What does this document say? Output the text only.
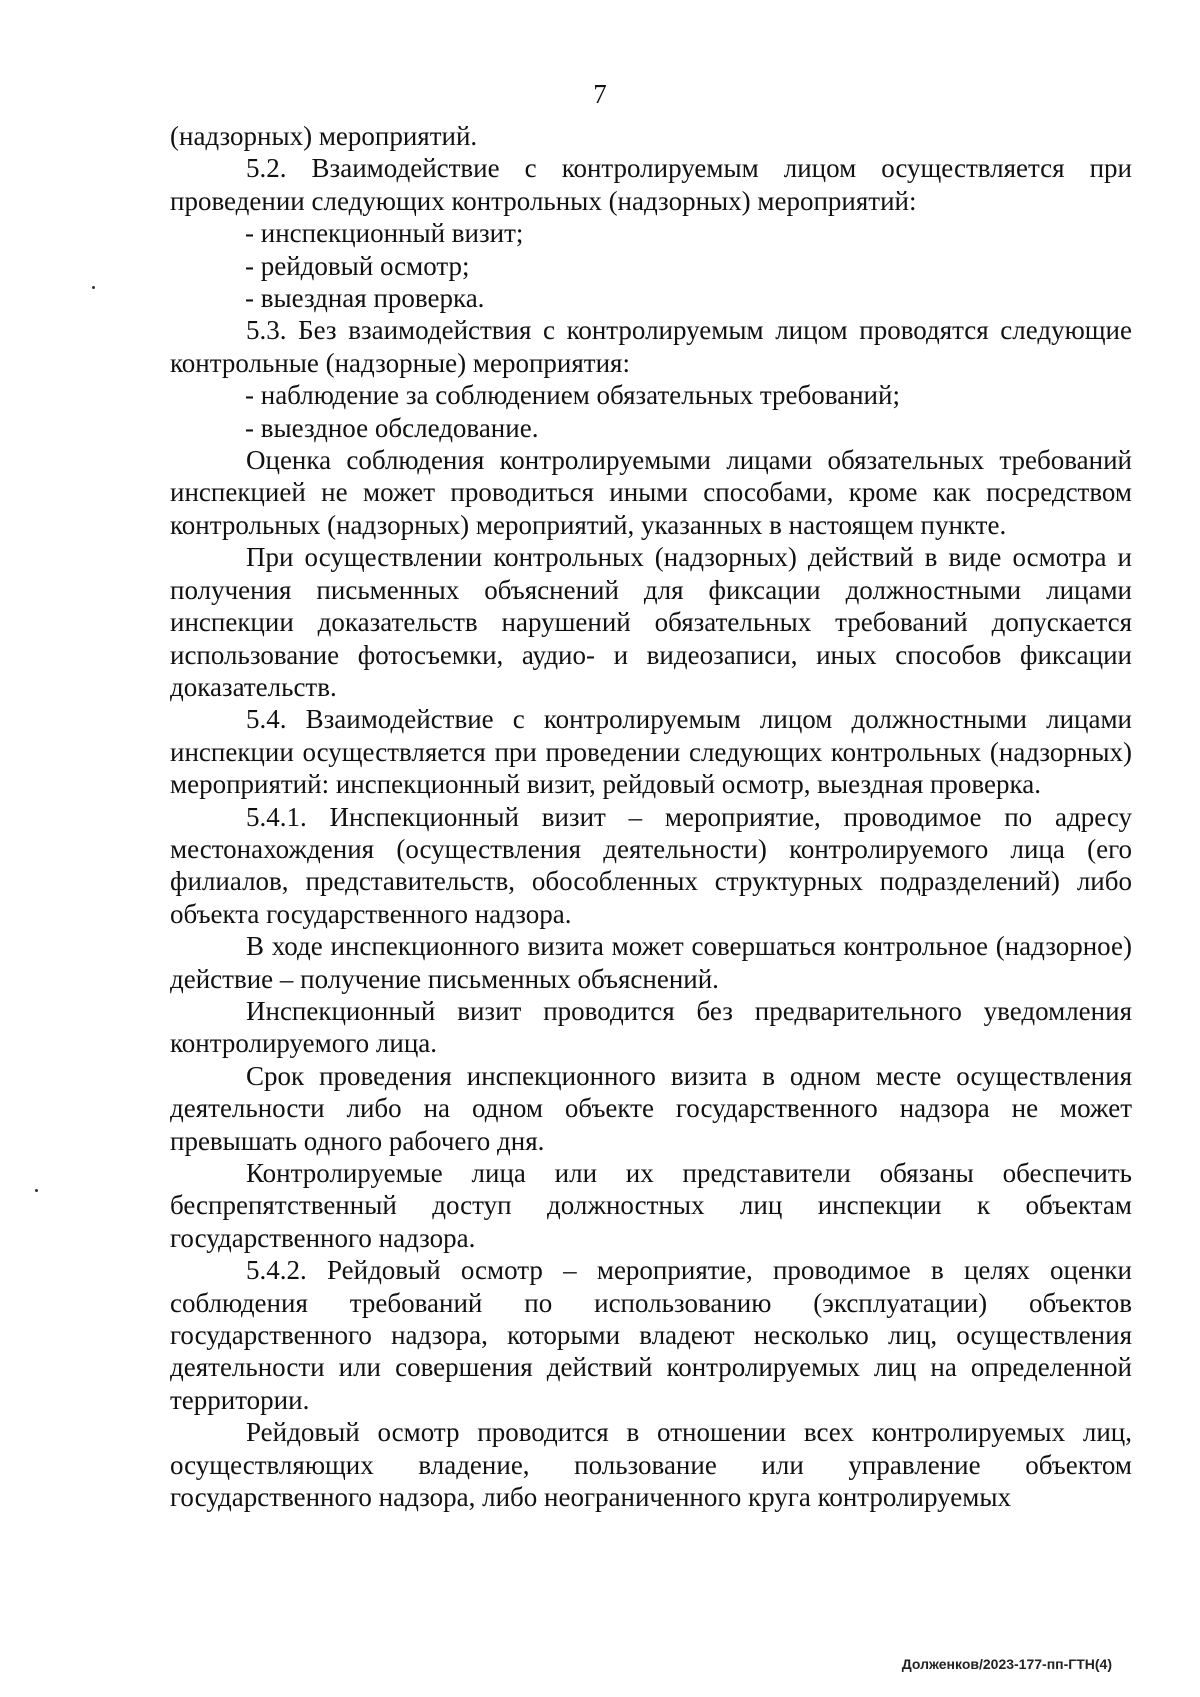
7

(надзорных) мероприятий.

5.2. Взаимодействие с контролируемым лицом осуществляется при проведении следующих контрольных (надзорных) мероприятий:

- инспекционный визит;

- рейдовый осмотр;

- выездная проверка.

5.3. Без взаимодействия с контролируемым лицом проводятся следующие контрольные (надзорные) мероприятия:

- наблюдение за соблюдением обязательных требований;

- выездное обследование.

Оценка соблюдения контролируемыми лицами обязательных требований инспекцией не может проводиться иными способами, кроме как посредством контрольных (надзорных) мероприятий, указанных в настоящем пункте.

При осуществлении контрольных (надзорных) действий в виде осмотра и получения письменных объяснений для фиксации должностными лицами инспекции доказательств нарушений обязательных требований допускается использование фотосъемки, аудио- и видеозаписи, иных способов фиксации доказательств.

5.4. Взаимодействие с контролируемым лицом должностными лицами инспекции осуществляется при проведении следующих контрольных (надзорных) мероприятий: инспекционный визит, рейдовый осмотр, выездная проверка.

5.4.1. Инспекционный визит – мероприятие, проводимое по адресу местонахождения (осуществления деятельности) контролируемого лица (его филиалов, представительств, обособленных структурных подразделений) либо объекта государственного надзора.

В ходе инспекционного визита может совершаться контрольное (надзорное) действие – получение письменных объяснений.

Инспекционный визит проводится без предварительного уведомления контролируемого лица.

Срок проведения инспекционного визита в одном месте осуществления деятельности либо на одном объекте государственного надзора не может превышать одного рабочего дня.

Контролируемые лица или их представители обязаны обеспечить беспрепятственный доступ должностных лиц инспекции к объектам государственного надзора.

5.4.2. Рейдовый осмотр – мероприятие, проводимое в целях оценки соблюдения требований по использованию (эксплуатации) объектов государственного надзора, которыми владеют несколько лиц, осуществления деятельности или совершения действий контролируемых лиц на определенной территории.

Рейдовый осмотр проводится в отношении всех контролируемых лиц, осуществляющих владение, пользование или управление объектом государственного надзора, либо неограниченного круга контролируемых

Долженков/2023-177-пп-ГТН(4)
